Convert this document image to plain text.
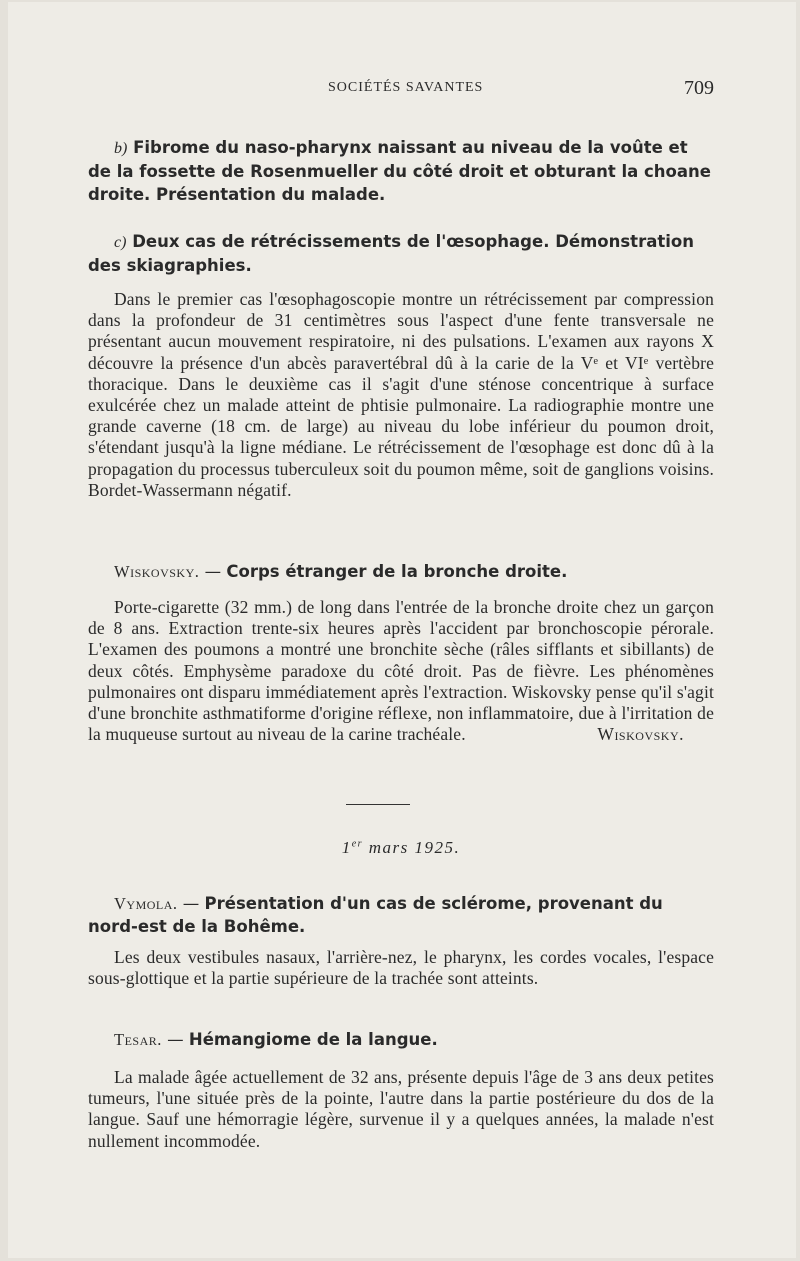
SOCIÉTÉS SAVANTES	709

b) Fibrome du naso-pharynx naissant au niveau de la voûte et de la fossette de Rosenmueller du côté droit et obturant la choane droite. Présentation du malade.

c) Deux cas de rétrécissements de l'œsophage. Démonstration des skiagraphies.

Dans le premier cas l'œsophagoscopie montre un rétrécissement par compression dans la profondeur de 31 centimètres sous l'aspect d'une fente transversale ne présentant aucun mouvement respiratoire, ni des pulsations. L'examen aux rayons X découvre la présence d'un abcès paravertébral dû à la carie de la Vᵉ et VIᵉ vertèbre thoracique. Dans le deuxième cas il s'agit d'une sténose concentrique à surface exulcérée chez un malade atteint de phtisie pulmonaire. La radiographie montre une grande caverne (18 cm. de large) au niveau du lobe inférieur du poumon droit, s'étendant jusqu'à la ligne médiane. Le rétrécissement de l'œsophage est donc dû à la propagation du processus tuberculeux soit du poumon même, soit de ganglions voisins. Bordet-Wassermann négatif.

Wiskovsky. — Corps étranger de la bronche droite.

Porte-cigarette (32 mm.) de long dans l'entrée de la bronche droite chez un garçon de 8 ans. Extraction trente-six heures après l'accident par bronchoscopie pérorale. L'examen des poumons a montré une bronchite sèche (râles sifflants et sibillants) de deux côtés. Emphysème paradoxe du côté droit. Pas de fièvre. Les phénomènes pulmonaires ont disparu immédiatement après l'extraction. Wiskovsky pense qu'il s'agit d'une bronchite asthmatiforme d'origine réflexe, non inflammatoire, due à l'irritation de la muqueuse surtout au niveau de la carine trachéale.	Wiskovsky.

1er mars 1925.

Vymola. — Présentation d'un cas de sclérome, provenant du nord-est de la Bohême.

Les deux vestibules nasaux, l'arrière-nez, le pharynx, les cordes vocales, l'espace sous-glottique et la partie supérieure de la trachée sont atteints.

Tesar. — Hémangiome de la langue.

La malade âgée actuellement de 32 ans, présente depuis l'âge de 3 ans deux petites tumeurs, l'une située près de la pointe, l'autre dans la partie postérieure du dos de la langue. Sauf une hémorragie légère, survenue il y a quelques années, la malade n'est nullement incommodée.
